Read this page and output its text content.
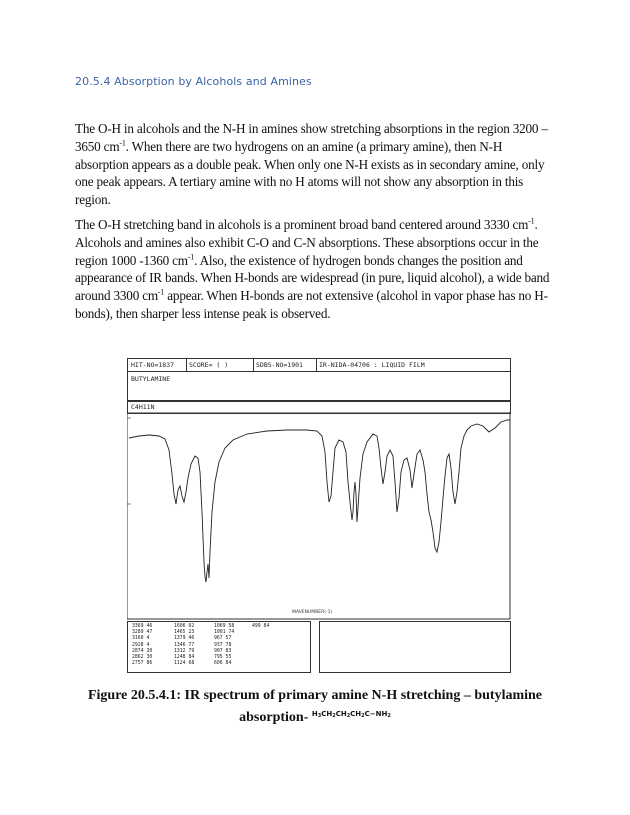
20.5.4 Absorption by Alcohols and Amines

The O-H in alcohols and the N-H in amines show stretching absorptions in the region 3200 – 3650 $cm^{-1}$. When there are two hydrogens on an amine (a primary amine), then N-H absorption appears as a double peak. When only one N-H exists as in secondary amine, only one peak appears. A tertiary amine with no H atoms will not show any absorption in this region.

The O-H stretching band in alcohols is a prominent broad band centered around 3330 $cm^{-1}$. Alcohols and amines also exhibit C-O and C-N absorptions. These absorptions occur in the region 1000 -1360 $cm^{-1}$. Also, the existence of hydrogen bonds changes the position and appearance of IR bands. When H-bonds are widespread (in pure, liquid alcohol), a wide band around 3300 $cm^{-1}$ appear. When H-bonds are not extensive (alcohol in vapor phase has no H-bonds), then sharper less intense peak is observed.

HIT-NO=1837 SCORE= ( )	SDBS-NO=1901 IR-NIDA-04706 : LIQUID FILM
BUTYLAMINE
C4H11N
WAVENUMBER(-1)
3369 46
3289 47
3160 4
2928 4
2874 30
2862 30
2757 86
1606 62
1465 23
1379 46
1346 77
1312 79
1248 84
1124 68
1069 58
1001 74
967 57
937 78
907 83
795 55
606 84
499 84
Figure 20.5.4.1: IR spectrum of primary amine N-H stretching – butylamine absorption- $^{H_3CH_2CH_2CH_2C-NH_2}$
